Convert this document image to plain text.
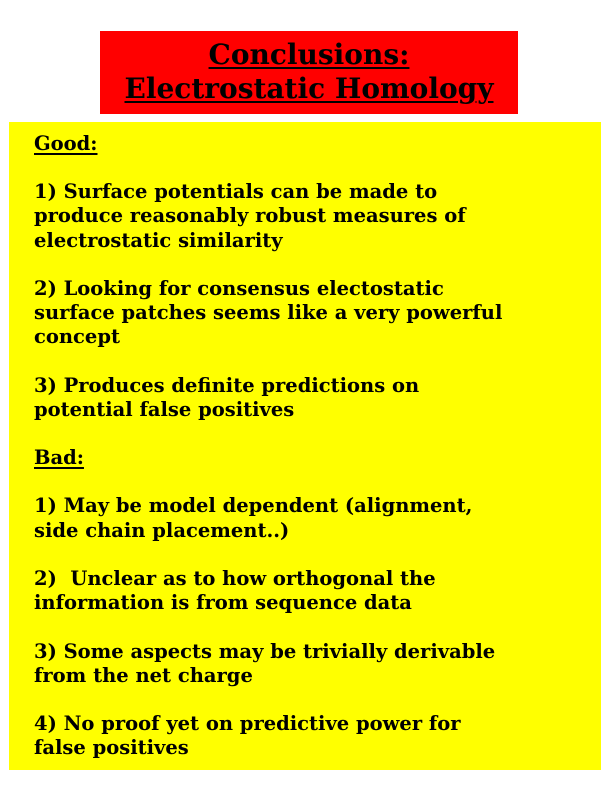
Conclusions:
Electrostatic Homology
Good:
1) Surface potentials can be made to
produce reasonably robust measures of
electrostatic similarity
2) Looking for consensus electostatic
surface patches seems like a very powerful
concept
3) Produces definite predictions on
potential false positives
Bad:
1) May be model dependent (alignment,
side chain placement..)
2)  Unclear as to how orthogonal the
information is from sequence data
3) Some aspects may be trivially derivable
from the net charge
4) No proof yet on predictive power for
false positives
